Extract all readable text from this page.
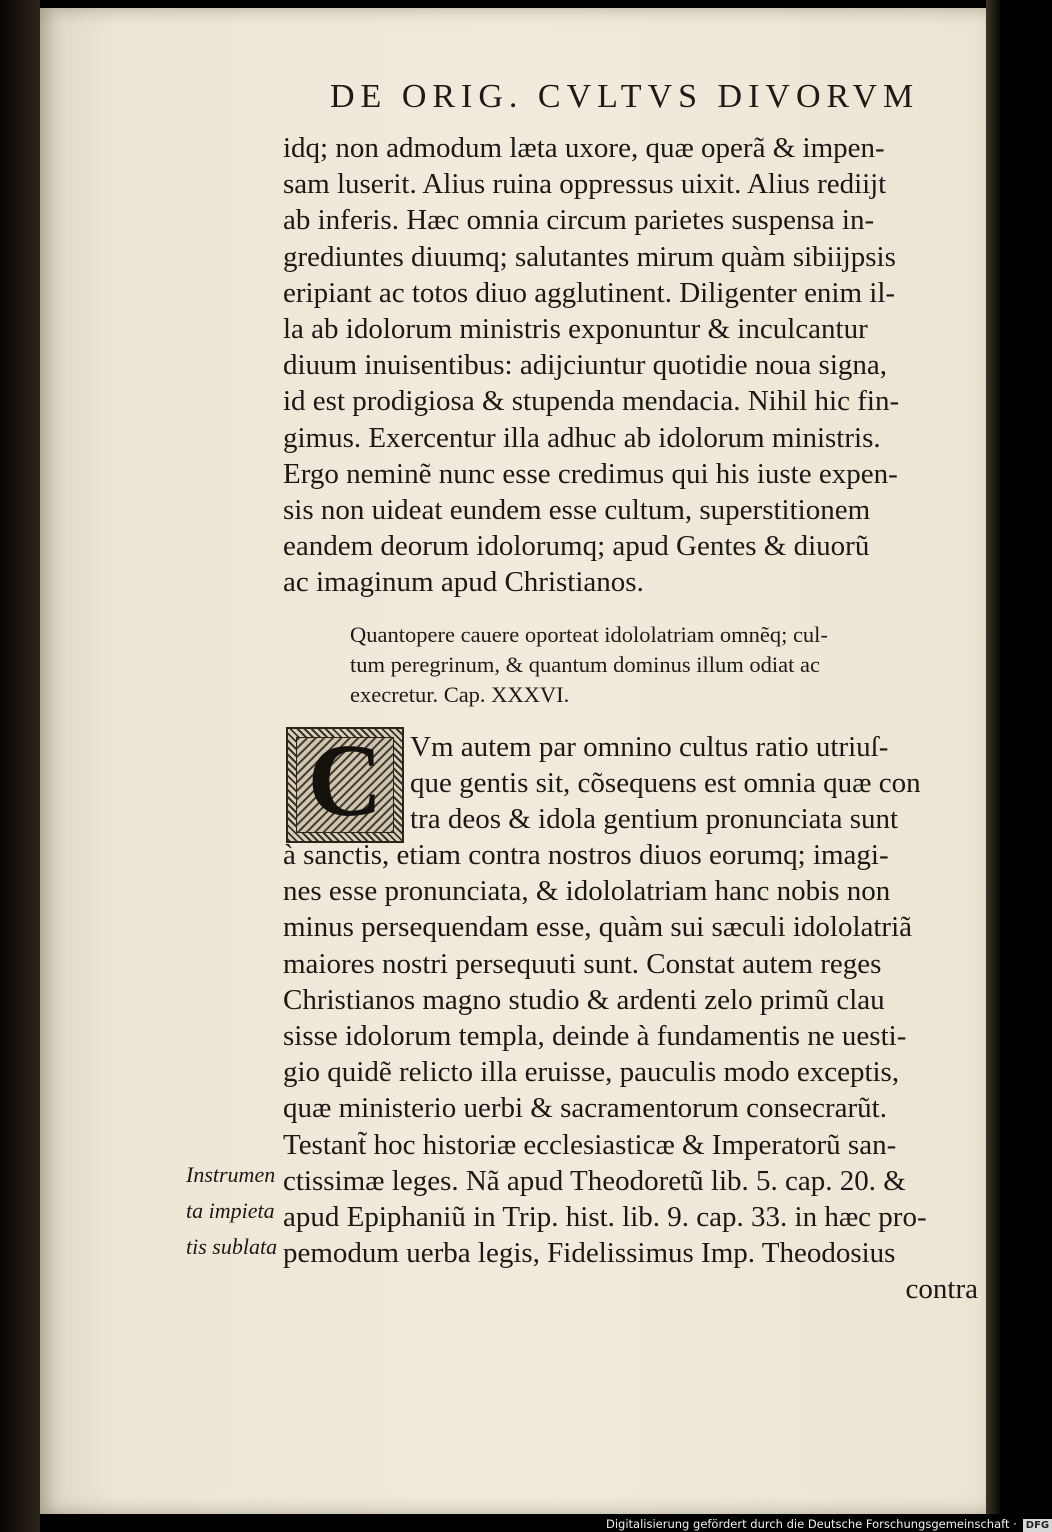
DE ORIG. CVLTVS DIVORVM
idq; non admodum læta uxore, quæ operã & impen-
sam luserit. Alius ruina oppressus uixit. Alius rediĳt
ab inferis. Hæc omnia circum parietes suspensa in-
grediuntes diuumq; salutantes mirum quàm sibiĳpsis
eripiant ac totos diuo agglutinent. Diligenter enim il-
la ab idolorum ministris exponuntur & inculcantur
diuum inuisentibus: adĳciuntur quotidie noua signa,
id est prodigiosa & stupenda mendacia. Nihil hic fin-
gimus. Exercentur illa adhuc ab idolorum ministris.
Ergo neminẽ nunc esse credimus qui his iuste expen-
sis non uideat eundem esse cultum, superstitionem
eandem deorum idolorumq; apud Gentes & diuorũ
ac imaginum apud Christianos.
Quantopere cauere oporteat idololatriam omnẽq; cul-
tum peregrinum, & quantum dominus illum odiat ac
execretur. Cap. XXXVI.
C Vm autem par omnino cultus ratio utriuſ-
que gentis sit, cõsequens est omnia quæ con
tra deos & idola gentium pronunciata sunt
à sanctis, etiam contra nostros diuos eorumq; imagi-
nes esse pronunciata, & idololatriam hanc nobis non
minus persequendam esse, quàm sui sæculi idololatriã
maiores nostri persequuti sunt. Constat autem reges
Christianos magno studio & ardenti zelo primũ clau
sisse idolorum templa, deinde à fundamentis ne uesti-
gio quidẽ relicto illa eruisse, pauculis modo exceptis,
quæ ministerio uerbi & sacramentorum consecrarũt.
Testant̃ hoc historiæ ecclesiasticæ & Imperatorũ san-
ctissimæ leges. Nã apud Theodoretũ lib. 5. cap. 20. &
apud Epiphaniũ in Trip. hist. lib. 9. cap. 33. in hæc pro-
pemodum uerba legis, Fidelissimus Imp. Theodosius
contra
Instrumen
ta impieta
tis sublata
Digitalisierung gefördert durch die Deutsche Forschungsgemeinschaft · DFG
